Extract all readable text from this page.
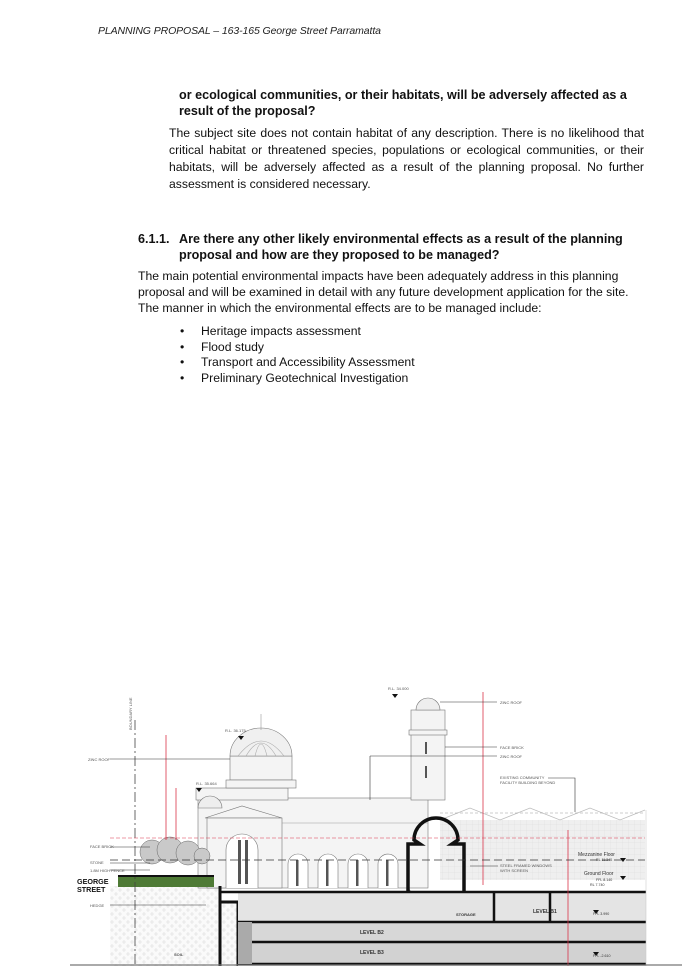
PLANNING PROPOSAL – 163-165 George Street Parramatta
or ecological communities, or their habitats, will be adversely affected as a result of the proposal?
The subject site does not contain habitat of any description. There is no likelihood that critical habitat or threatened species, populations or ecological communities, or their habitats, will be adversely affected as a result of the planning proposal. No further assessment is considered necessary.
6.1.1. Are there any other likely environmental effects as a result of the planning proposal and how are they proposed to be managed?
The main potential environmental impacts have been adequately address in this planning proposal and will be examined in detail with any future development application for the site. The manner in which the environmental effects are to be managed include:
• Heritage impacts assessment
• Flood study
• Transport and Accessibility Assessment
• Preliminary Geotechnical Investigation
BOUNDARY LINE
ZINC ROOF
FACE BRICK
STONE
1.8M HIGH FENCE
HEDGE
SOIL
R.L. 36.175
R.L. 35.664
R.L. 34.000
ZINC ROOF
FACE BRICK
ZINC ROOF
EXISTING COMMUNITY FACILITY BUILDING BEYOND
STEEL FRAMED WINDOWS WITH SCREEN
Mezzanine Floor
RL 11.340
Ground Floor
FFL 8.140
RL 7.740
FFL 3.990
FFL -2.610
STORAGE	LEVEL B1
LEVEL B2
LEVEL B3
GEORGE STREET
